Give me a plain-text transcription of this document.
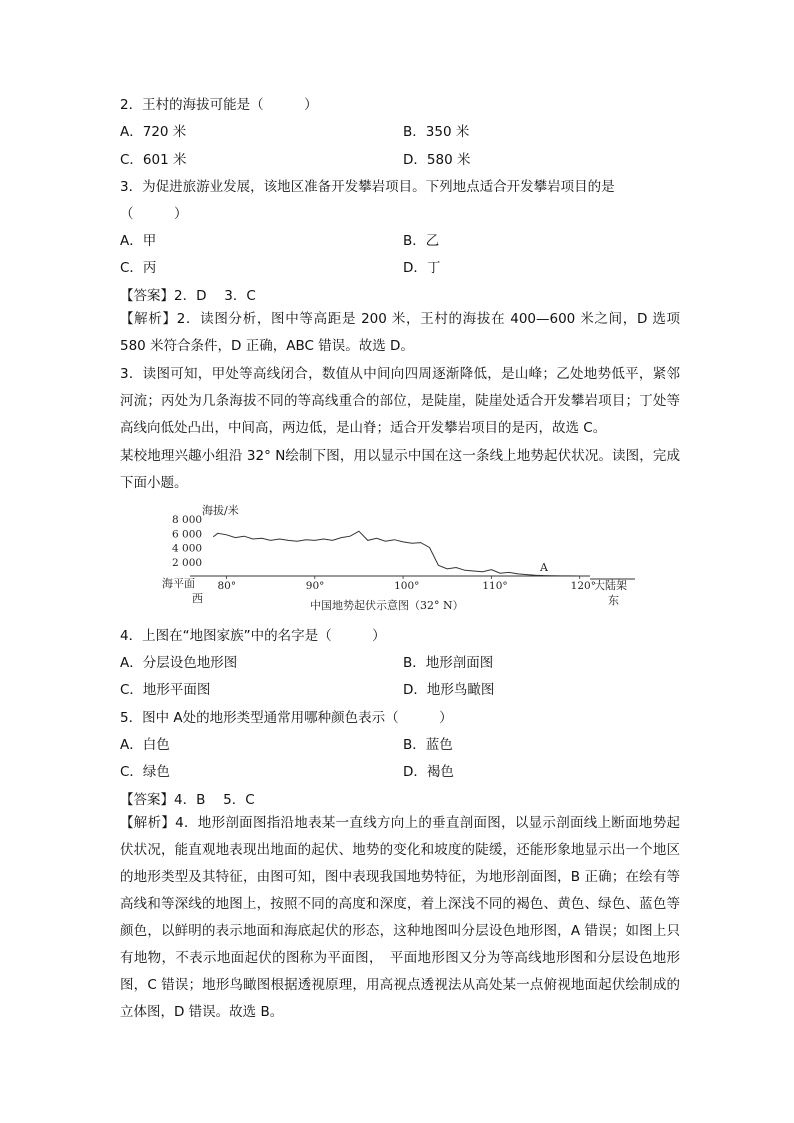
2．王村的海拔可能是（　　　）
A．720 米	B．350 米
C．601 米	D．580 米
3．为促进旅游业发展，该地区准备开发攀岩项目。下列地点适合开发攀岩项目的是
（　　　）
A．甲	B．乙
C．丙	D．丁
【答案】2．D　 3．C
【解析】2．读图分析，图中等高距是 200 米，王村的海拔在 400—600 米之间，D 选项 580 米符合条件，D 正确，ABC 错误。故选 D。
3．读图可知，甲处等高线闭合，数值从中间向四周逐渐降低，是山峰；乙处地势低平，紧邻河流；丙处为几条海拔不同的等高线重合的部位，是陡崖，陡崖处适合开发攀岩项目；丁处等高线向低处凸出，中间高，两边低，是山脊；适合开发攀岩项目的是丙，故选 C。
某校地理兴趣小组沿 32° N绘制下图，用以显示中国在这一条线上地势起伏状况。读图，完成下面小题。
海拔/米
8 000
6 000
4 000
2 000
80°	90°	100°	110°	120°
A
海平面
西
大陆架
东
中国地势起伏示意图（32° N）
4．上图在“地图家族”中的名字是（　　　）
A．分层设色地形图	B．地形剖面图
C．地形平面图	D．地形鸟瞰图
5．图中 A处的地形类型通常用哪种颜色表示（　　　）
A．白色	B．蓝色
C．绿色	D．褐色
【答案】4．B　 5．C
【解析】4．地形剖面图指沿地表某一直线方向上的垂直剖面图，以显示剖面线上断面地势起伏状况，能直观地表现出地面的起伏、地势的变化和坡度的陡缓，还能形象地显示出一个地区的地形类型及其特征，由图可知，图中表现我国地势特征，为地形剖面图，B 正确；在绘有等高线和等深线的地图上，按照不同的高度和深度，着上深浅不同的褐色、黄色、绿色、蓝色等颜色，以鲜明的表示地面和海底起伏的形态，这种地图叫分层设色地形图，A 错误；如图上只有地物，不表示地面起伏的图称为平面图，　平面地形图又分为等高线地形图和分层设色地形图，C 错误；地形鸟瞰图根据透视原理，用高视点透视法从高处某一点俯视地面起伏绘制成的立体图，D 错误。故选 B。
